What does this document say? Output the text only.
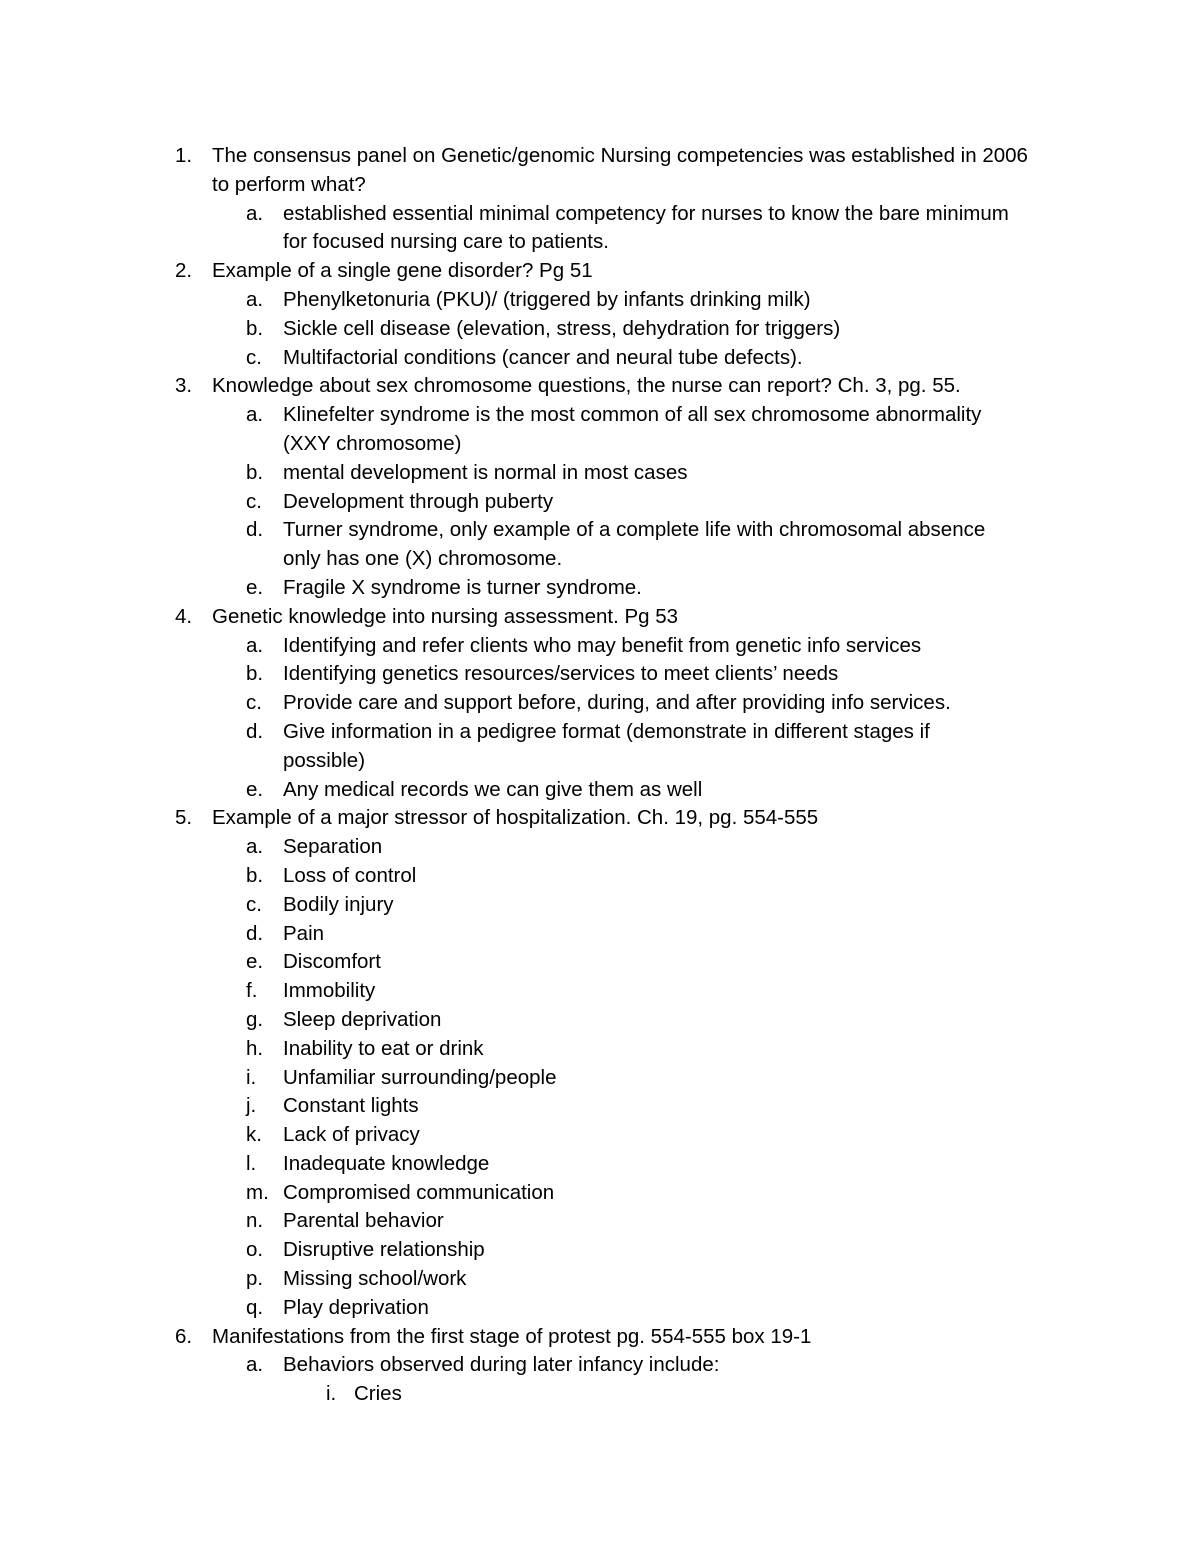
1. The consensus panel on Genetic/genomic Nursing competencies was established in 2006
to perform what?
a. established essential minimal competency for nurses to know the bare minimum
for focused nursing care to patients.
2. Example of a single gene disorder? Pg 51
a. Phenylketonuria (PKU)/ (triggered by infants drinking milk)
b. Sickle cell disease (elevation, stress, dehydration for triggers)
c. Multifactorial conditions (cancer and neural tube defects).
3. Knowledge about sex chromosome questions, the nurse can report? Ch. 3, pg. 55.
a. Klinefelter syndrome is the most common of all sex chromosome abnormality
(XXY chromosome)
b. mental development is normal in most cases
c. Development through puberty
d. Turner syndrome, only example of a complete life with chromosomal absence
only has one (X) chromosome.
e. Fragile X syndrome is turner syndrome.
4. Genetic knowledge into nursing assessment. Pg 53
a. Identifying and refer clients who may benefit from genetic info services
b. Identifying genetics resources/services to meet clients’ needs
c. Provide care and support before, during, and after providing info services.
d. Give information in a pedigree format (demonstrate in different stages if
possible)
e. Any medical records we can give them as well
5. Example of a major stressor of hospitalization. Ch. 19, pg. 554-555
a. Separation
b. Loss of control
c. Bodily injury
d. Pain
e. Discomfort
f. Immobility
g. Sleep deprivation
h. Inability to eat or drink
i. Unfamiliar surrounding/people
j. Constant lights
k. Lack of privacy
l. Inadequate knowledge
m. Compromised communication
n. Parental behavior
o. Disruptive relationship
p. Missing school/work
q. Play deprivation
6. Manifestations from the first stage of protest pg. 554-555 box 19-1
a. Behaviors observed during later infancy include:
i. Cries
